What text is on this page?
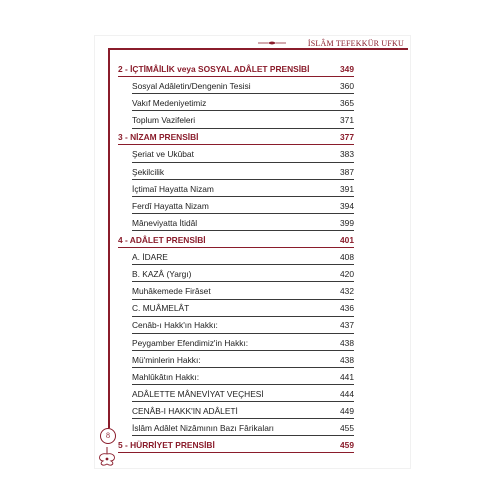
İSLÂM TEFEKKÜR UFKU
2 - İÇTİMÂİLİK veya SOSYAL ADÂLET PRENSİBİ	349
Sosyal Adâletin/Dengenin Tesisi	360
Vakıf Medeniyetimiz	365
Toplum Vazifeleri	371
3 - NİZAM PRENSİBİ	377
Şeriat ve Ukûbat	383
Şekilcilik	387
İçtimaî Hayatta Nizam	391
Ferdî Hayatta Nizam	394
Mâneviyatta İtidâl	399
4 - ADÂLET PRENSİBİ	401
A. İDARE	408
B. KAZÂ (Yargı)	420
Muhâkemede Firâset	432
C. MUÂMELÂT	436
Cenâb-ı Hakk'ın Hakkı:	437
Peygamber Efendimiz'in Hakkı:	438
Mü'minlerin Hakkı:	438
Mahlûkâtın Hakkı:	441
ADÂLETTE MÂNEVİYAT VEÇHESİ	444
CENÂB-I HAKK'IN ADÂLETİ	449
İslâm Adâlet Nizâmının Bazı Fârikaları	455
5 - HÜRRİYET PRENSİBİ	459
8
